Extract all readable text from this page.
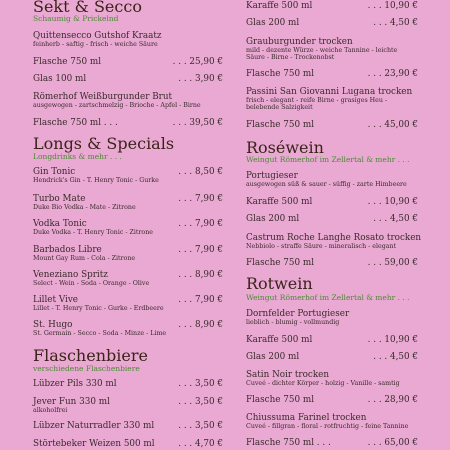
Sekt & Secco
Schaumig & Prickelnd
Quittensecco Gutshof Kraatz
feinherb - saftig - frisch - weiche Säure
Flasche 750 ml	. . . 25,90 €
Glas 100 ml	. . . 3,90 €
Römerhof Weißburgunder Brut
ausgewogen - zartschmelzig - Brioche - Apfel - Birne
Flasche 750 ml . . .	. . . 39,50 €
Longs & Specials
Longdrinks & mehr . . .
Gin Tonic	. . . 8,50 €
Hendrick's Gin - T. Henry Tonic - Gurke
Turbo Mate	. . . 7,90 €
Duke Bio Vodka - Mate - Zitrone
Vodka Tonic	. . . 7,90 €
Duke Vodka - T. Henry Tonic - Zitrone
Barbados Libre	. . . 7,90 €
Mount Gay Rum - Cola - Zitrone
Veneziano Spritz	. . . 8,90 €
Select - Wein - Soda - Orange - Olive
Lillet Vive	. . . 7,90 €
Lillet - T. Henry Tonic - Gurke - Erdbeere
St. Hugo	. . . 8,90 €
St. Germain - Secco - Soda - Minze - Lime
Flaschenbiere
verschiedene Flaschenbiere
Lübzer Pils 330 ml	. . . 3,50 €
Jever Fun 330 ml	. . . 3,50 €
alkoholfrei
Lübzer Naturradler 330 ml	. . . 3,50 €
Störtebeker Weizen 500 ml	. . . 4,70 €
Karaffe 500 ml	. . . 10,90 €
Glas 200 ml	. . . 4,50 €
Grauburgunder trocken
mild - dezente Würze - weiche Tannine - leichte
Säure - Birne - Trockenobst
Flasche 750 ml	. . . 23,90 €
Passini San Giovanni Lugana trocken
frisch - elegant - reife Birne - grasiges Heu -
belebende Salzigkeit
Flasche 750 ml	. . . 45,00 €
Roséwein
Weingut Römerhof im Zellertal & mehr . . .
Portugieser
ausgewogen süß & sauer - süffig - zarte Himbeere
Karaffe 500 ml	. . . 10,90 €
Glas 200 ml	. . . 4,50 €
Castrum Roche Langhe Rosato trocken
Nebbiolo - straffe Säure - mineralisch - elegant
Flasche 750 ml	. . . 59,00 €
Rotwein
Weingut Römerhof im Zellertal & mehr . . .
Dornfelder Portugieser
lieblich - blumig - vollmundig
Karaffe 500 ml	. . . 10,90 €
Glas 200 ml	. . . 4,50 €
Satin Noir trocken
Cuveé - dichter Körper - holzig - Vanille - samtig
Flasche 750 ml	. . . 28,90 €
Chiussuma Farinel trocken
Cuveé - fillgran - floral - rotfruchtig - feine Tannine
Flasche 750 ml . . .	. . . 65,00 €
